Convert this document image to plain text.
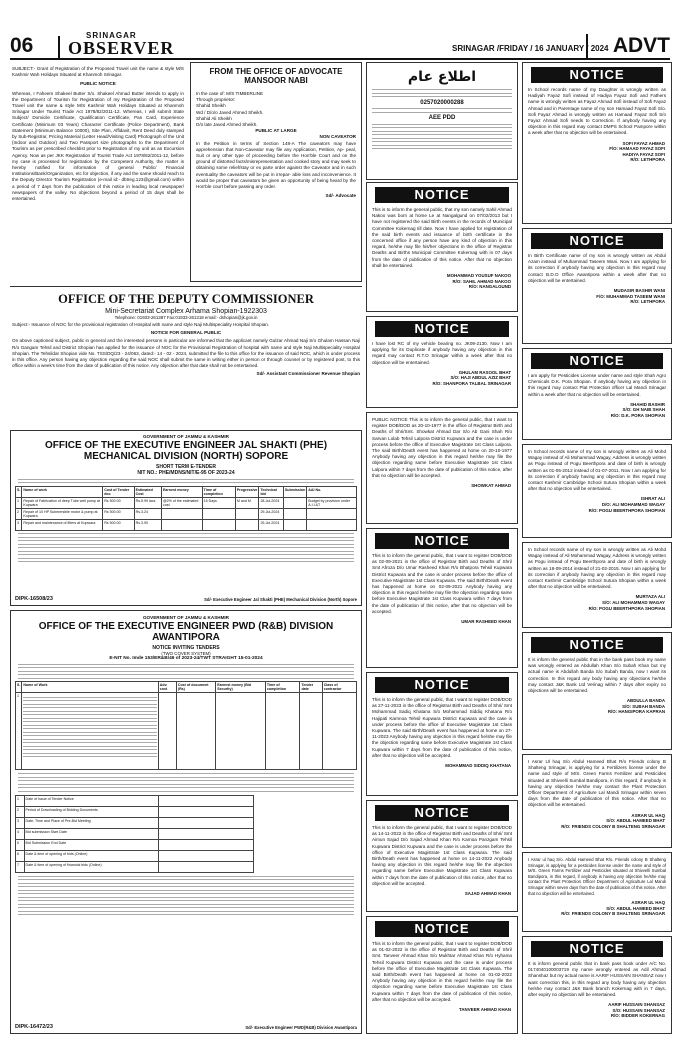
06	SRINAGAR
OBSERVER	SRINAGAR /FRIDAY / 16 JANUARY / 2024 ADVT
SUBJECT:- Grant of Registration of the Proposed Travel unit the name & style M/S Kashmir Wah Holidays Situated at Khanmoh Srinagar.
PUBLIC NOTICE
Whereas, I Faheem Shakeel Butter S/o. Shakeel Ahmad Butter intends to apply in the Department of Tourism for Registration of my Registration of the Proposed Travel unit the name & style M/S Kashmir Wah Holidays Situated at Khanmoh Srinagar Under Tourist Trade Act 1978/82/2011-12. Whereas, I will submit State Subject/ Domicile Certificate, Qualification Certificate, Pan Card, Experience Certificate (Minimum 03 Years) Character Certificate (Police Department), Bank Statement (Minimum Balance 10000), Site Plan, Affidavit, Rent Deed duly stamped by Sub-Registrar, Pricing Material (Letter Head/Visiting Card) Photograph of the Unit (Indoor and Outdoor) and Two Passport size photographs to the Department of Tourism as per prescribed checklist prior to Registration of my unit as an Excursion Agency. Now as per JKK Registration of Tourist Trade Act 1978/82/2011-12, before my case is processed for registration by the Competent Authority, the matter is hereby notified for information of general Public/ Financial Institutions/Bank/Organization, etc for objection, if any and the same should reach to the Deputy Director Tourism Registration (e-mail id:- dbtreg.123@gmail.com) within a period of 7 days from the publication of this notice in leading local newspaper/ newspapers of the valley. No objections beyond a period of 15 days shall be entertained.
FROM THE OFFICE OF ADVOCATE MANSOOR NABI
In the case of: M/S TIMBERLINE
Through proprietor:
Shahid Sheikh
Wd / D/o/o Javed Ahmed Sheikh.
Shahid Ali Sheikh
D/o late Javed Ahmed Sheikh.
PUBLIC AT LARGE
NON CAVEATOR
In the Petition in terms of Section 148-A The caveators may have apprehension that Non-Caveator may file any Application, Petition, Ap- peal, Suit or any other type of proceeding before the Hon'ble Court and on the ground of distorted facts/misrepresentation and cooked story and may seek to obtaining some relief/stay or ex parte order against the Caveator and in such eventuality the caveators will be put in irrepar- able loss and inconvenience. It would be proper that caveators be given an opportunity of being heard by the Hon'ble court before passing any order.
Sd/- Advocate
اطلاع عام
0257020000288
AEE PDD
NOTICE
This is to inform the general public, that my son namely Sahil Ahmad Nakoo was born at home Le at Nangalgund on 07/02/2013 but I have not registered the said Birth events in the records of Municipal Committee Kokernag till date. Now I have applied for registration of the said birth events and issuance of birth certificate in the concerned office if any person have any kind of objection in this regard, he/she may file his/her objections in the office of Registrar Deaths and Births Municipal Committee Kokernag with in 07 days from the date of publication of this notice. After that no objection shall be entertained.
MOHAMMAD YOUSUF NAKOO
R/O: SAHIL AHMAD NAKOO
R/O: NANGALGUND
NOTICE
I have lost RC of my vehicle bearing no. JK09-2130. Now I am applying for its Duplicate if anybody having any objection in this regard may contact R.T.O Srinagar within a week after that no objection will be entertained.
GHULAM RASOOL BHAT
S/O: HAJI ABDUL AZIZ BHAT
R/O: SHANPORA TALBAL SRINAGAR
PUBLIC NOTICE This is to inform the general public, that I want to register DOB/DOD as 20-10-1977 in the office of Registrar Birth and Deaths of Shri/Smt. Showkat Ahmad Dar S/o Ab Gani Shah R/o Sarvan Lolab Tehsil Lalpora District Kupwara and the case is under process before the office of Executive Magistrate 1st Class Lalpora. The said Birth/Death event has happened at home on 20-10-1977 Anybody having any objection in this regard he/she may file the objection regarding same before Executive Magistrate 1st Class Lalpora within 7 days from the date of publication of this notice, after that no objection will be accepted.
SHOWKAT AHMAD
NOTICE
This is to inform the general public, that I want to register DOB/DOD as 02-09-2021 in the office of Registrar Birth and Deaths of Shri/ Smt Afroza D/o Umar Rasheed Khan R/o Bhatpora Tehsil Kupwara District Kupwara and the case is under process before the office of Executive Magistrate 1st Class Kupwara. The said Birth/Death event has happened at home on 02-09-2021 Anybody having any objection in this regard he/she may file the objection regarding same before Executive Magistrate 1st Class Kupwara within 7 days from the date of publication of this notice, after that no objection will be accepted.
UMAR RASHEED KHAN
NOTICE
This is to inform the general public, that I want to register DOB/DOD as 27-11-2023 in the office of Registrar Birth and Deaths of Shri/ Smt Mohammad Sadiq Khatana S/o Mohammad Siddiq Khatana R/o Hajipati Karnnoa Tehsil Kupwara District Kupwara and the case is under process before the office of Executive Magistrate 1st Class Kupwara. The said Birth/Death event has happened at home on 27-11-2023 Anybody having any objection in this regard he/she may file the objection regarding same before Executive Magistrate 1st Class Kupwara within 7 days from the date of publication of this notice, after that no objection will be accepted.
MOHAMMAD SIDDIQ KHATANA
NOTICE
This is to inform the general public, that I want to register DOB/DOD as 14-11-2022 in the office of Registrar Birth and Deaths of Shri/ Smt Aimun Sajad D/o Sajad Ahmad Khan R/o Karnoa Panzgam Tehsil Kupwara District Kupwara and the case is under process before the office of Executive Magistrate 1st Class Kupwara. The said Birth/Death event has happened at home on 14-11-2022 Anybody having any objection in this regard he/she may file the objection regarding same before Executive Magistrate 1st Class Kupwara within 7 days from the date of publication of this notice, after that no objection will be accepted.
SAJAD AHMAD KHAN
NOTICE
This is to inform the general public, that I want to register DOB/DOD as 01-02-2022 in the office of Registrar Birth and Deaths of Shri/ Smt. Tanveer Ahmad Khan S/o Mukhtar Ahmad Khan R/o Hyhama Tehsil Kupwara District Kupwara and the case is under process before the office of Executive Magistrate 1st Class Kupwara. The said Birth/Death event has happened at home on 01-02-2022 Anybody having any objection in this regard he/she may file the objection regarding same before Executive Magistrate 1st Class Kupwara within 7 days from the date of publication of this notice, after that no objection will be accepted.
TANVEER AHMAD KHAN
NOTICE
In School records name of my Daughter is wrongly written as Hadiyah Fayaz Sofi instead of Hadiya Fayaz Sofi and Fathers name is wrongly written as Fayaz Ahmad Sofi instead of Sofi Fayaz Ahmad and in Parentage name of my son Hamaad Fayaz Sofi S/o. Sofi Fayaz Ahmad is wrongly written as Hamaad Fayaz Sofi S/o Fayaz Ahmad Sofi needs to Correction. If anybody having any objection in this regard may contact DMPS School Pampore within a week after that no objection will be entertained.
SOFI FAYAZ AHMAD
F/O: HAMAAD FAYAZ SOFI
HADIYA FAYAZ SOFI
R/O: LETHPORA
NOTICE
In Birth Certificate name of my son is wrongly written as Abdul Azam instead of Muhammad Taseem Wani. Now I am applying for its correction if anybody having any objection in this regard may contact B.D.O Office Awantipora within a week after that no objection will be entertained.
MUDASIR BASHIR WANI
F/O: MUHAMMAD TASEEM WANI
R/O: LETHPORA
NOTICE
I am apply for Pesticides License under name and style Shah Agro Chemicals D.K. Pora Shopian. If anybody having any objection in this regard may contact Plat Protection officer Lal Mandi Srinagar within a week after that no objection will be entertained.
SHAHID BASHIR
S/O: GH NABI SHAH
R/O: D.K. PORA SHOPIAN
In School records name of my son is wrongly written as Ali Mohd Wagay instead of Ali Mohammad Wagay, Address is wrongly written as Pogu instead of Pogu Beerthpora and date of birth is wrongly written as 01-05-2012 instead of 01-07-2011. Now I am applying for its correction if anybody having any objection in this regard may contact Kashmir Cambridge School Sutura Shopian within a week after that no objection will be entertained.
ISHRAT ALI
D/O: ALI MOHAMMAD WAGAY
R/O: POGU BEERTHPORA SHOPIAN
In School records name of my son is wrongly written as Ali Mohd Wagay instead of Ali Mohammad Wagay, Address is wrongly written as Pogu instead of Pogu Beerthpora and date of birth is wrongly written as 18-09-2014 instead of 21-02-2015. Now I am applying for its correction if anybody having any objection in this regard may contact Kashmir Cambridge School Sutura Shopian within a week after that no objection will be entertained.
MURTAZA ALI
S/O: ALI MOHAMMAD WAGAY
R/O: POGU BEERTHPORA SHOPIAN
NOTICE
It is inform the general public that in the bank pass book my name was wrongly entered as Abdullah Khan S/o Subah Khan but my actual name is Abdullah Banda S/o Subah Banda, now I want its correction. In this regard any body having any objections he/she may contact J&K Bank Ltd Verinag within 7 days after expiry no objections will be entertained.
ABDULLA BANDA
S/O: SUBAH BANDA
R/O: HANGIPORA KAPRAN
I Asrar Ul haq S/o Abdul Hameed Bhat R/o Friends colony B Shalteng Srinagar, is applying for a Fertilizers license under the name and style of M/S. Green Farms Fertilizer and Pesticides situated at Shivvelli Sumbal Bandipora, in this regard, if anybody is having any objection he/she may contact the Plant Protection Officer Department of Agriculture Lal Mandi Srinagar within seven days from the date of publication of this notice. After that no objection will be entertained.
ASRAR UL HAQ
S/O: ABDUL HAMEED BHAT
R/O: FRIENDS COLONY B SHALTENG SRINAGAR
I Asrar ul haq S/o. Abdul Hameed Bhat R/o. Friends colony B Shalteng Srinagar, is applying for a pesticides license under the name and style of M/S. Green Farms Fertilizer and Pesticides situated at Shivvelli Sumbal Bandipora, in this regard, if anybody is having any objection he/she may contact the Plant Protection Officer Department of Agriculture Lal Mandi Srinagar within seven days from the date of publication of this notice. After that no objection will be entertained.
ASRAR UL HAQ
S/O: ABDUL HAMEED BHAT
R/O: FRIENDS COLONY B SHALTENG SRINAGAR
NOTICE
It is inform general public that in bank pass book under A/C No. 0174040100003719 my name wrongly entered as Adil Ahmad Shanshaz but my actual name is AARIF HUSSAIN SHANSAZ now I want correction this, in this regard any body having any objection he/she may contact J&K Bank branch Kokernag with in 7 days, after expiry no objection will be entertained.
AARIF HUSSAIN SHANSAZ
S/O: HUSSAIN SHANSAZ
R/O: BIDDER KOKERNAG
OFFICE OF THE DEPUTY COMMISSIONER
Mini-Secretariat Complex Arhama Shopian-1922303
Telephone: 01933-261387 Fax:01933-261318 email:- dshopian@jk.gov.in
Subject:- Issuance of NOC for the provisional registration of Hospital with name and style Naji Multispeciality Hospital Shopian.
NOTICE FOR GENERAL PUBLIC
On above captioned subject, public in general and the interested persons in particular are informed that the applicant namely Gulzar Ahmad Naji S/o Ghulam Hassan Naji R/o Gangam Tehsil and District Shopian has applied for the issuance of NOC for the Provisional Registration of hospital with name and style Naji Multispeciality Hospital Shopian. The Tehsildar Shopian vide No. TSS/DQ/23 - 24/063, dated:- 14 - 02 - 2024, submitted the file to this office for the issuance of said NOC, which is under process in this office. Any person having any objection regarding the said NOC shall submit the same in writing either in person or through counsel or by registered post, to this office within a week's time from the date of publication of this notice. Any objection after that date shall not be entertained.
Sd/- Assistant Commissioner Revenue Shopian
GOVERNMENT OF JAMMU & KASHMIR
OFFICE OF THE EXECUTIVE ENGINEER JAL SHAKTI (PHE) MECHANICAL DIVISION (NORTH) SOPORE
SHORT TERM E-TENDER
NIT NO.: PHE/MDNS/NIT/E-95 OF 2023-24
S.	Name of work	Cost of Tender doc	Estimated Cost	Earnest money	Time of completion	Progressive	Technical bid	Submission	AAI No.
1	Repair of Fabrication of deep Tube well pump at Kupwara	Rs 500.00	Rs.5.99 lacs	@2% of the estimated cost	15 Days	M and M	28-Jul-2024		Budget by provision under A.I.I.&T
2	Repair of 10 HP Submersible motor & pump at Kupwara	Rs 500.00	Rs.3.24				29-Jul-2024		
3	Repair and maintenance of filters at Kupwara	Rs 500.00	Rs.3.90				29-Jul-2024		
DIPK-16508/23	Sd/- Executive Engineer Jal Shakti (PHE) Mechanical Division (North) Sopore
GOVERNMENT OF JAMMU & KASHMIR
OFFICE OF THE EXECUTIVE ENGINEER PWD (R&B) DIVISION AWANTIPORA
NOTICE INVITING TENDERS
(TWO COVER SYSTEM)
E-NIT No. Imde 153/ER&B/46 of 2023-24/TWT STRAIGHT 15-01-2024
S.	Name of Work	Adv. cost	Cost of document (Rs)	Earnest money (Bid Security)	Time of completion	Tender date	Class of contractor
1	

1	Date of Issue of Tender Notice	
2	Period of Downloading of Bidding Documents	
3	Date, Time and Place of Pre-Bid Meeting	
4	Bid submission Start Date	
5	Bid Submission End Date	
6	Date & time of opening of bids (Online)	
7	Date & time of opening of financial bids (Online)	
DIPK-16472/23	Sd/- Executive Engineer PWD(R&B) Division Awantipora
